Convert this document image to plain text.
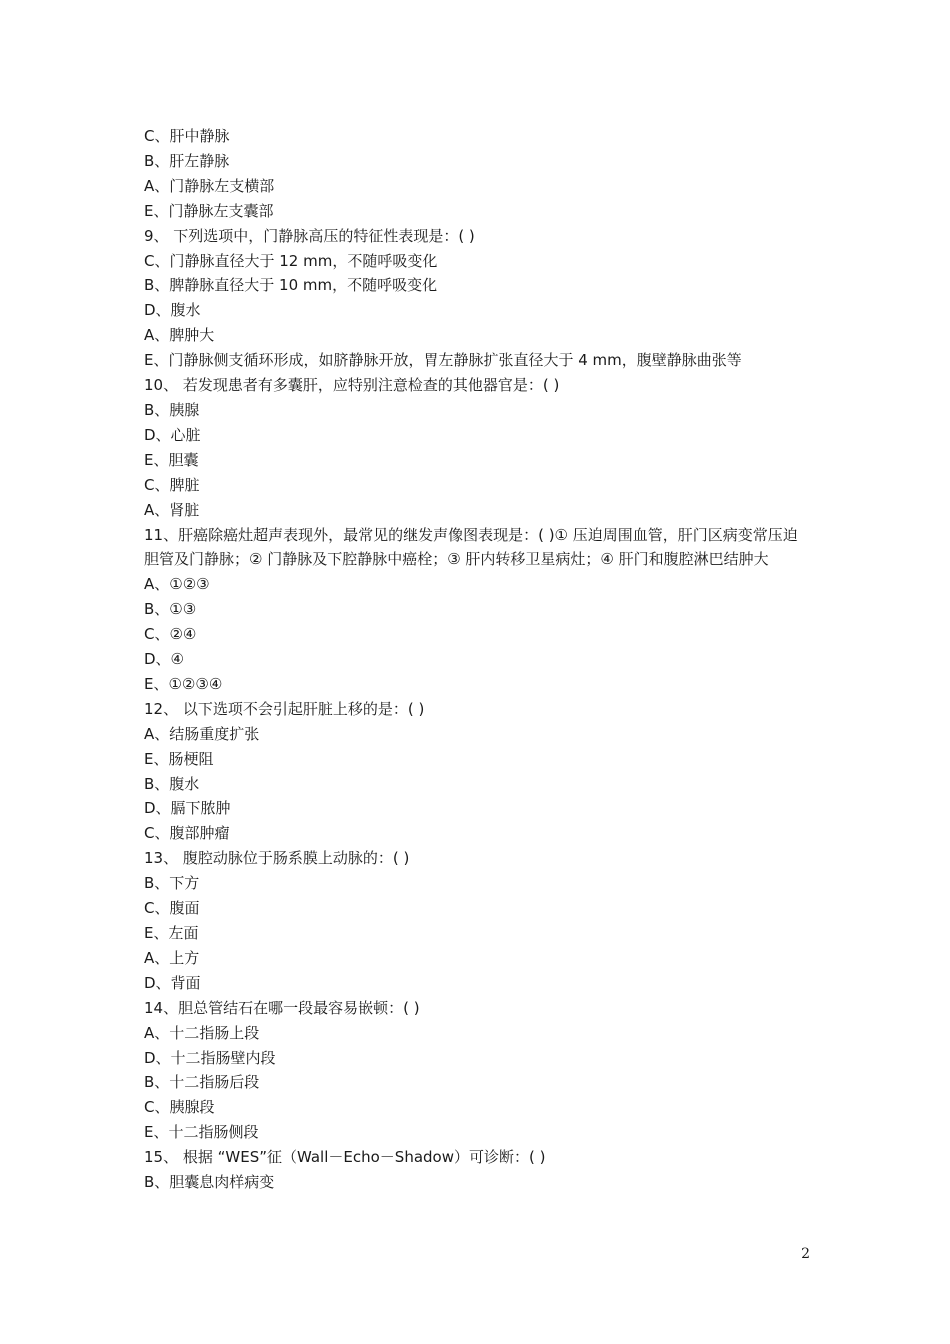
C、肝中静脉
B、肝左静脉
A、门静脉左支横部
E、门静脉左支囊部
9、 下列选项中，门静脉高压的特征性表现是：( )
C、门静脉直径大于 12 mm，不随呼吸变化
B、脾静脉直径大于 10 mm，不随呼吸变化
D、腹水
A、脾肿大
E、门静脉侧支循环形成，如脐静脉开放，胃左静脉扩张直径大于 4 mm，腹壁静脉曲张等
10、 若发现患者有多囊肝，应特别注意检查的其他器官是：( )
B、胰腺
D、心脏
E、胆囊
C、脾脏
A、肾脏
11、肝癌除癌灶超声表现外，最常见的继发声像图表现是：( )① 压迫周围血管，肝门区病变常压迫胆管及门静脉；② 门静脉及下腔静脉中癌栓；③ 肝内转移卫星病灶；④ 肝门和腹腔淋巴结肿大
A、①②③
B、①③
C、②④
D、④
E、①②③④
12、 以下选项不会引起肝脏上移的是：( )
A、结肠重度扩张
E、肠梗阻
B、腹水
D、膈下脓肿
C、腹部肿瘤
13、 腹腔动脉位于肠系膜上动脉的：( )
B、下方
C、腹面
E、左面
A、上方
D、背面
14、胆总管结石在哪一段最容易嵌顿：( )
A、十二指肠上段
D、十二指肠壁内段
B、十二指肠后段
C、胰腺段
E、十二指肠侧段
15、 根据 “WES”征（Wall－Echo－Shadow）可诊断：( )
B、胆囊息肉样病变
2
